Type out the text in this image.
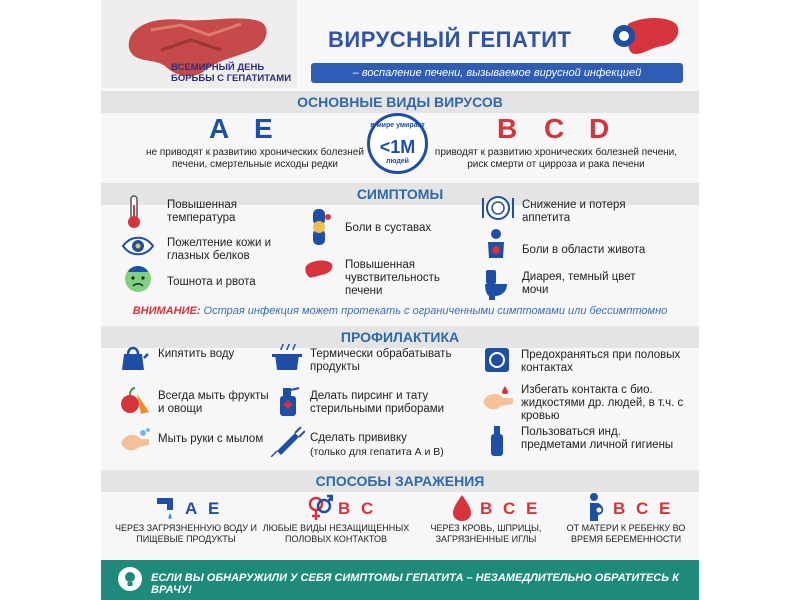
ВСЕМИРНЫЙ ДЕНЬ БОРЬБЫ С ГЕПАТИТАМИ
ВИРУСНЫЙ ГЕПАТИТ
– воспаление печени, вызываемое вирусной инфекцией
ОСНОВНЫЕ ВИДЫ ВИРУСОВ
A E
не приводят к развитию хронических болезней печени, смертельные исходы редки
в мире умирает
<1M
людей
B C D
приводят к развитию хронических болезней печени, риск смерти от цирроза и рака печени
СИМПТОМЫ
Повышенная температура
Пожелтение кожи и глазных белков
Тошнота и рвота
Боли в суставах
Повышенная чувствительность печени
Снижение и потеря аппетита
Боли в области живота
Диарея, темный цвет мочи
ВНИМАНИЕ: Острая инфекция может протекать с ограниченными симптомами или бессимптомно
ПРОФИЛАКТИКА
Кипятить воду
Всегда мыть фрукты и овощи
Мыть руки с мылом
Термически обрабатывать продукты
Делать пирсинг и тату стерильными приборами
Сделать прививку
(только для гепатита А и В)
Предохраняться при половых контактах
Избегать контакта с био. жидкостями др. людей, в т.ч. с кровью
Пользоваться инд. предметами личной гигиены
СПОСОБЫ ЗАРАЖЕНИЯ
А Е
ЧЕРЕЗ ЗАГРЯЗНЕННУЮ ВОДУ И ПИЩЕВЫЕ ПРОДУКТЫ
В С
ЛЮБЫЕ ВИДЫ НЕЗАЩИЩЕННЫХ ПОЛОВЫХ КОНТАКТОВ
В С Е
ЧЕРЕЗ КРОВЬ, ШПРИЦЫ, ЗАГРЯЗНЕННЫЕ ИГЛЫ
В С Е
ОТ МАТЕРИ К РЕБЕНКУ ВО ВРЕМЯ БЕРЕМЕННОСТИ
ЕСЛИ ВЫ ОБНАРУЖИЛИ У СЕБЯ СИМПТОМЫ ГЕПАТИТА – НЕЗАМЕДЛИТЕЛЬНО ОБРАТИТЕСЬ К ВРАЧУ!
